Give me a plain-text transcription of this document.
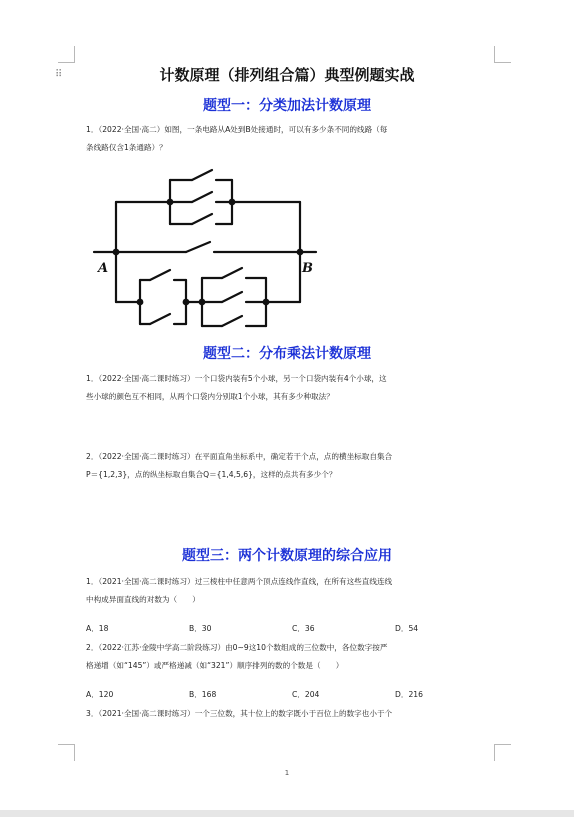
⠿	计数原理（排列组合篇）典型例题实战
题型一：分类加法计数原理
1．（2022·全国·高二）如图，一条电路从A处到B处接通时，可以有多少条不同的线路（每
条线路仅含1条通路）？
A	B
题型二：分布乘法计数原理
1．（2022·全国·高二课时练习）一个口袋内装有5个小球，另一个口袋内装有4个小球，这
些小球的颜色互不相同，从两个口袋内分别取1个小球，其有多少种取法？
2．（2022·全国·高二课时练习）在平面直角坐标系中，确定若干个点，点的横坐标取自集合
P＝{1,2,3}，点的纵坐标取自集合Q＝{1,4,5,6}，这样的点共有多少个？
题型三：两个计数原理的综合应用
1．（2021·全国·高二课时练习）过三棱柱中任意两个顶点连线作直线，在所有这些直线连线
中构成异面直线的对数为（　　）
A．18	B．30	C．36	D．54
2．（2022·江苏·金陵中学高二阶段练习）由0~9这10个数组成的三位数中，各位数字按严
格递增（如“145”）或严格递减（如“321”）顺序排列的数的个数是（　　）
A．120	B．168	C．204	D．216
3．（2021·全国·高二课时练习）一个三位数，其十位上的数字既小于百位上的数字也小于个
1
